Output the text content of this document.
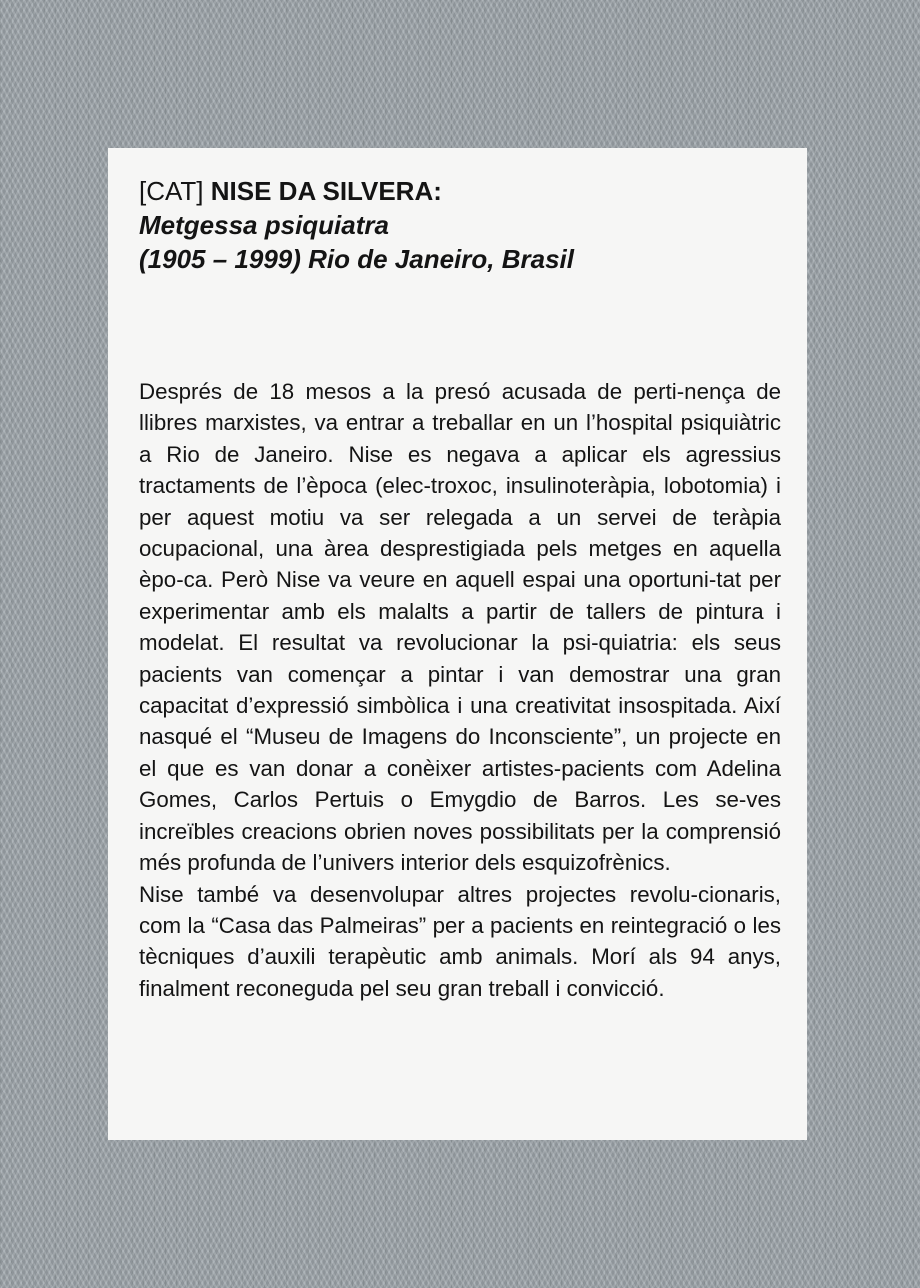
[CAT] NISE DA SILVERA:
Metgessa psiquiatra
(1905 – 1999) Rio de Janeiro, Brasil

Després de 18 mesos a la presó acusada de perti-nença de llibres marxistes, va entrar a treballar en un l’hospital psiquiàtric a Rio de Janeiro. Nise es negava a aplicar els agressius tractaments de l’època (elec-troxoc, insulinoteràpia, lobotomia) i per aquest motiu va ser relegada a un servei de teràpia ocupacional, una àrea desprestigiada pels metges en aquella èpo-ca. Però Nise va veure en aquell espai una oportuni-tat per experimentar amb els malalts a partir de tallers de pintura i modelat. El resultat va revolucionar la psi-quiatria: els seus pacients van començar a pintar i van demostrar una gran capacitat d’expressió simbòlica i una creativitat insospitada. Així nasqué el “Museu de Imagens do Inconsciente”, un projecte en el que es van donar a conèixer artistes-pacients com Adelina Gomes, Carlos Pertuis o Emygdio de Barros. Les se-ves increïbles creacions obrien noves possibilitats per la comprensió més profunda de l’univers interior dels esquizofrènics.

Nise també va desenvolupar altres projectes revolu-cionaris, com la “Casa das Palmeiras” per a pacients en reintegració o les tècniques d’auxili terapèutic amb animals. Morí als 94 anys, finalment reconeguda pel seu gran treball i convicció.
